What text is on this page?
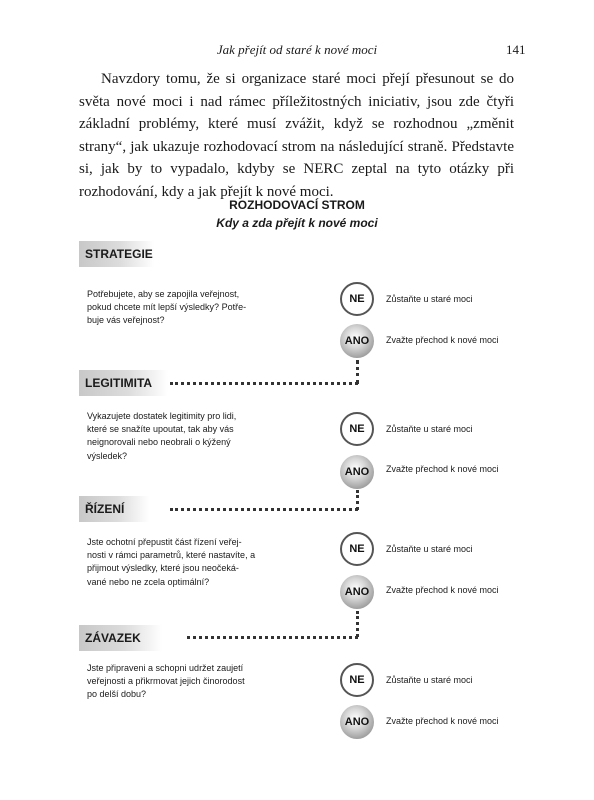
Jak přejít od staré k nové moci	141

Navzdory tomu, že si organizace staré moci přejí přesunout se do světa nové moci i nad rámec příležitostných iniciativ, jsou zde čtyři základní problémy, které musí zvážit, když se rozhodnou „změnit strany“, jak ukazuje rozhodovací strom na následující straně. Představte si, jak by to vypadalo, kdyby se NERC zeptal na tyto otázky při rozhodování, kdy a jak přejít k nové moci.

ROZHODOVACÍ STROM
Kdy a zda přejít k nové moci
STRATEGIE
Potřebujete, aby se zapojila veřejnost, pokud chcete mít lepší výsledky? Potře-buje vás veřejnost?
NE	Zůstaňte u staré moci
ANO	Zvažte přechod k nové moci
LEGITIMITA
Vykazujete dostatek legitimity pro lidi, které se snažíte upoutat, tak aby vás neignorovali nebo neobrali o kýžený výsledek?
NE	Zůstaňte u staré moci
ANO	Zvažte přechod k nové moci
ŘÍZENÍ
Jste ochotní přepustit část řízení veřej-nosti v rámci parametrů, které nastavíte, a přijmout výsledky, které jsou neočeká-vané nebo ne zcela optimální?
NE	Zůstaňte u staré moci
ANO	Zvažte přechod k nové moci
ZÁVAZEK
Jste připraveni a schopni udržet zaujetí veřejnosti a přikrmovat jejich činorodost po delší dobu?
NE	Zůstaňte u staré moci
ANO	Zvažte přechod k nové moci
